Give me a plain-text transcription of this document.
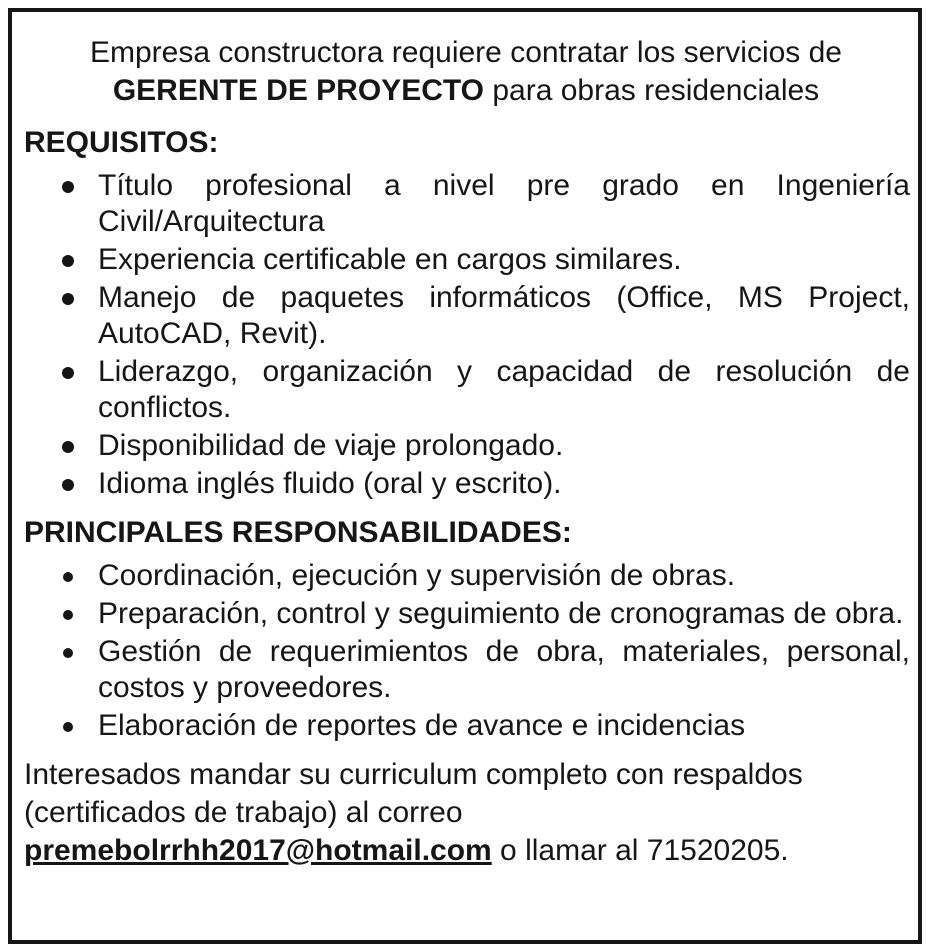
Empresa constructora requiere contratar los servicios de
GERENTE DE PROYECTO para obras residenciales

REQUISITOS:
Título profesional a nivel pre grado en Ingeniería Civil/Arquitectura
Experiencia certificable en cargos similares.
Manejo de paquetes informáticos (Office, MS Project, AutoCAD, Revit).
Liderazgo, organización y capacidad de resolución de conflictos.
Disponibilidad de viaje prolongado.
Idioma inglés fluido (oral y escrito).
PRINCIPALES RESPONSABILIDADES:
Coordinación, ejecución y supervisión de obras.
Preparación, control y seguimiento de cronogramas de obra.
Gestión de requerimientos de obra, materiales, personal, costos y proveedores.
Elaboración de reportes de avance e incidencias

Interesados mandar su curriculum completo con respaldos (certificados de trabajo) al correo premebolrrhh2017@hotmail.com o llamar al 71520205.
